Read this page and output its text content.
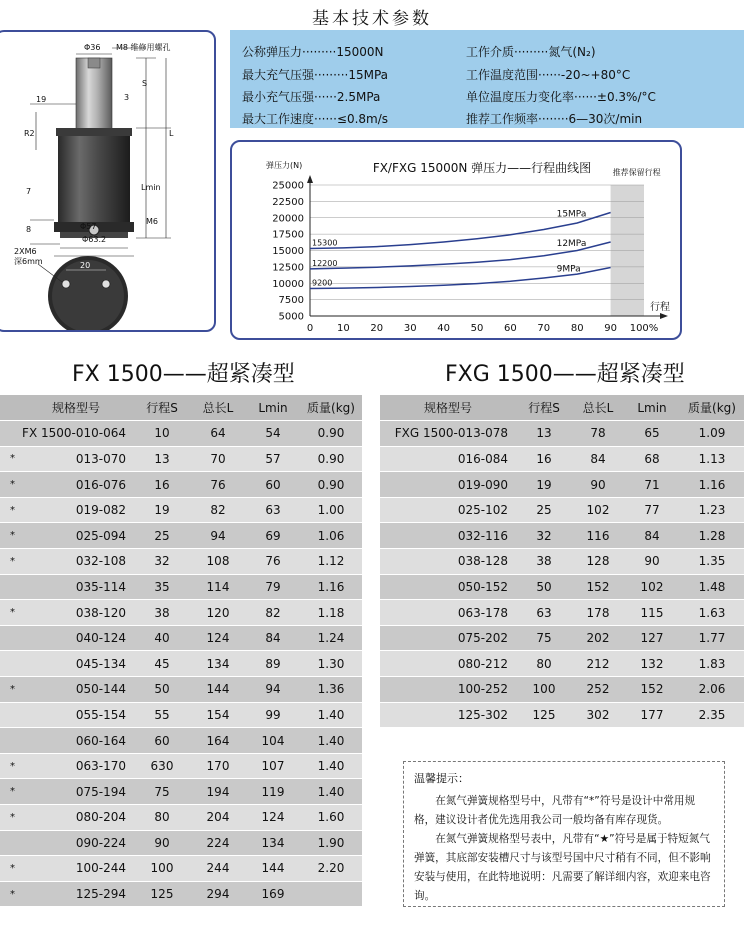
基本技术参数
Φ36 M8 维修用螺孔
S
L
Lmin
19	3
R2
7
8
M6
Φ57
Φ63.2
2XM6
深6mm	20
公称弹压力·········15000N	工作介质·········氮气(N₂)
最大充气压强·········15MPa	工作温度范围······-20~+80°C
最小充气压强······2.5MPa	单位温度压力变化率······±0.3%/°C
最大工作速度······≤0.8m/s	推荐工作频率········6—30次/min
推荐保留行程
25000
22500
20000
17500
15000
12500
10000
7500
5000
0 10 20 30 40 50 60 70 80 90 100%
FX/FXG 15000N 弹压力——行程曲线图
弹压力(N)
行程
15MPa
15300	12MPa
12200
9MPa
9200
FX 1500——超紧凑型	FXG 1500——超紧凑型
	规格型号	行程S	总长L	Lmin	质量(kg)
	FX 1500-010-064	10	64	54	0.90
*	013-070	13	70	57	0.90
*	016-076	16	76	60	0.90
*	019-082	19	82	63	1.00
*	025-094	25	94	69	1.06
*	032-108	32	108	76	1.12
	035-114	35	114	79	1.16
*	038-120	38	120	82	1.18
	040-124	40	124	84	1.24
	045-134	45	134	89	1.30
*	050-144	50	144	94	1.36
	055-154	55	154	99	1.40
	060-164	60	164	104	1.40
*	063-170	630	170	107	1.40
*	075-194	75	194	119	1.40
*	080-204	80	204	124	1.60
	090-224	90	224	134	1.90
*	100-244	100	244	144	2.20
*	125-294	125	294	169	
规格型号	行程S	总长L	Lmin	质量(kg)
FXG 1500-013-078	13	78	65	1.09
016-084	16	84	68	1.13
019-090	19	90	71	1.16
025-102	25	102	77	1.23
032-116	32	116	84	1.28
038-128	38	128	90	1.35
050-152	50	152	102	1.48
063-178	63	178	115	1.63
075-202	75	202	127	1.77
080-212	80	212	132	1.83
100-252	100	252	152	2.06
125-302	125	302	177	2.35
温馨提示：
在氮气弹簧规格型号中，凡带有“*”符号是设计中常用规格，建议设计者优先选用我公司一般均备有库存现货。
在氮气弹簧规格型号表中，凡带有“★”符号是属于特短氮气弹簧，其底部安装槽尺寸与该型号国中尺寸稍有不同，但不影响安装与使用，在此特地说明：凡需要了解详细内容，欢迎来电咨询。
